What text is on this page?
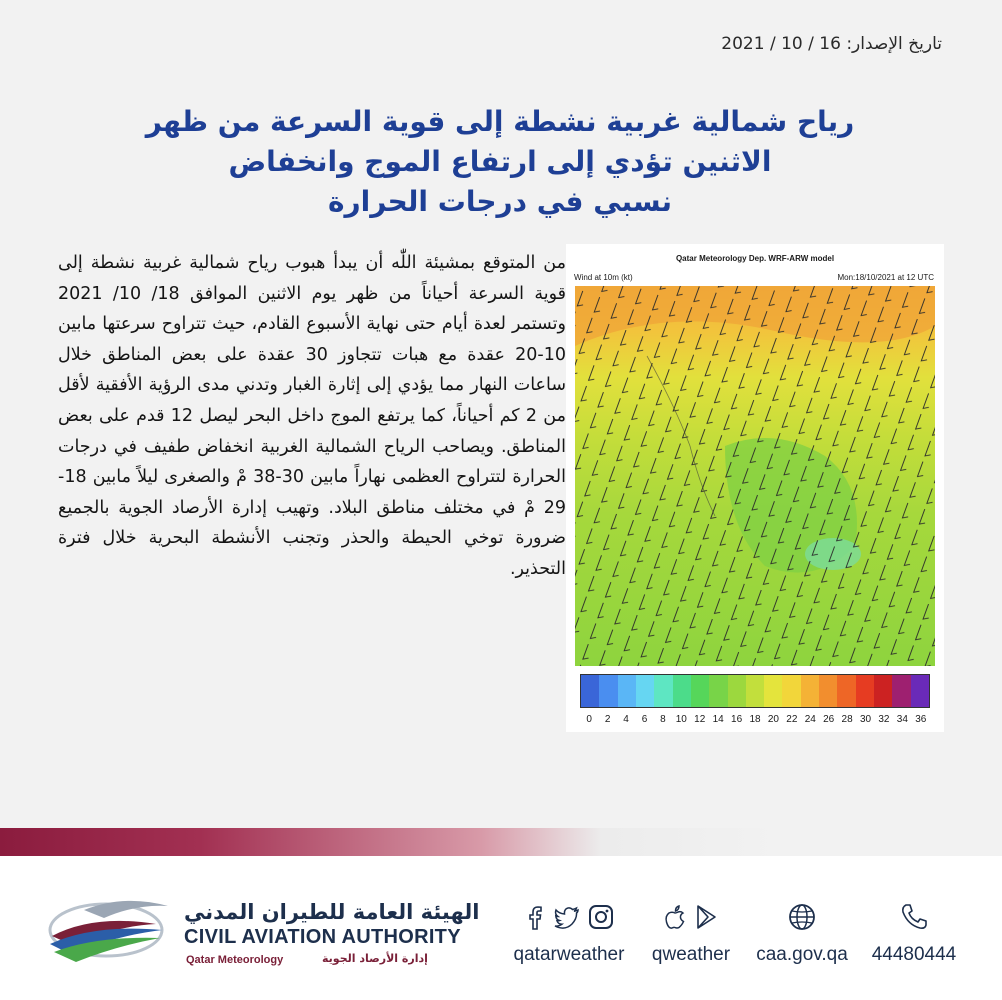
تاريخ الإصدار: 16 / 10 / 2021
رياح شمالية غربية نشطة إلى قوية السرعة من ظهر
الاثنين تؤدي إلى ارتفاع الموج وانخفاض
نسبي في درجات الحرارة
من المتوقع بمشيئة اللّٰه أن يبدأ هبوب رياح شمالية غربية نشطة إلى قوية السرعة أحياناً من ظهر يوم الاثنين الموافق 18/ 10/ 2021 وتستمر لعدة أيام حتى نهاية الأسبوع القادم، حيث تتراوح سرعتها مابين 10-20 عقدة مع هبات تتجاوز 30 عقدة على بعض المناطق خلال ساعات النهار مما يؤدي إلى إثارة الغبار وتدني مدى الرؤية الأفقية لأقل من 2 كم أحياناً، كما يرتفع الموج داخل البحر ليصل 12 قدم على بعض المناطق. ويصاحب الرياح الشمالية الغربية انخفاض طفيف في درجات الحرارة لتتراوح العظمى نهاراً مابين 30-38 مْ والصغرى ليلاً مابين 18-29 مْ في مختلف مناطق البلاد. وتهيب إدارة الأرصاد الجوية بالجميع ضرورة توخي الحيطة والحذر وتجنب الأنشطة البحرية خلال فترة التحذير.
Qatar Meteorology Dep. WRF-ARW model
Wind at 10m (kt)	Mon:18/10/2021 at 12 UTC
0 2 4 6 8 10 12 14 16 18 20 22 24 26 28 30 32 34 36
الهيئة العامة للطيران المدني
CIVIL AVIATION AUTHORITY
Qatar Meteorology	إدارة الأرصاد الجوية	qatarweather	qweather	caa.gov.qa	44480444
